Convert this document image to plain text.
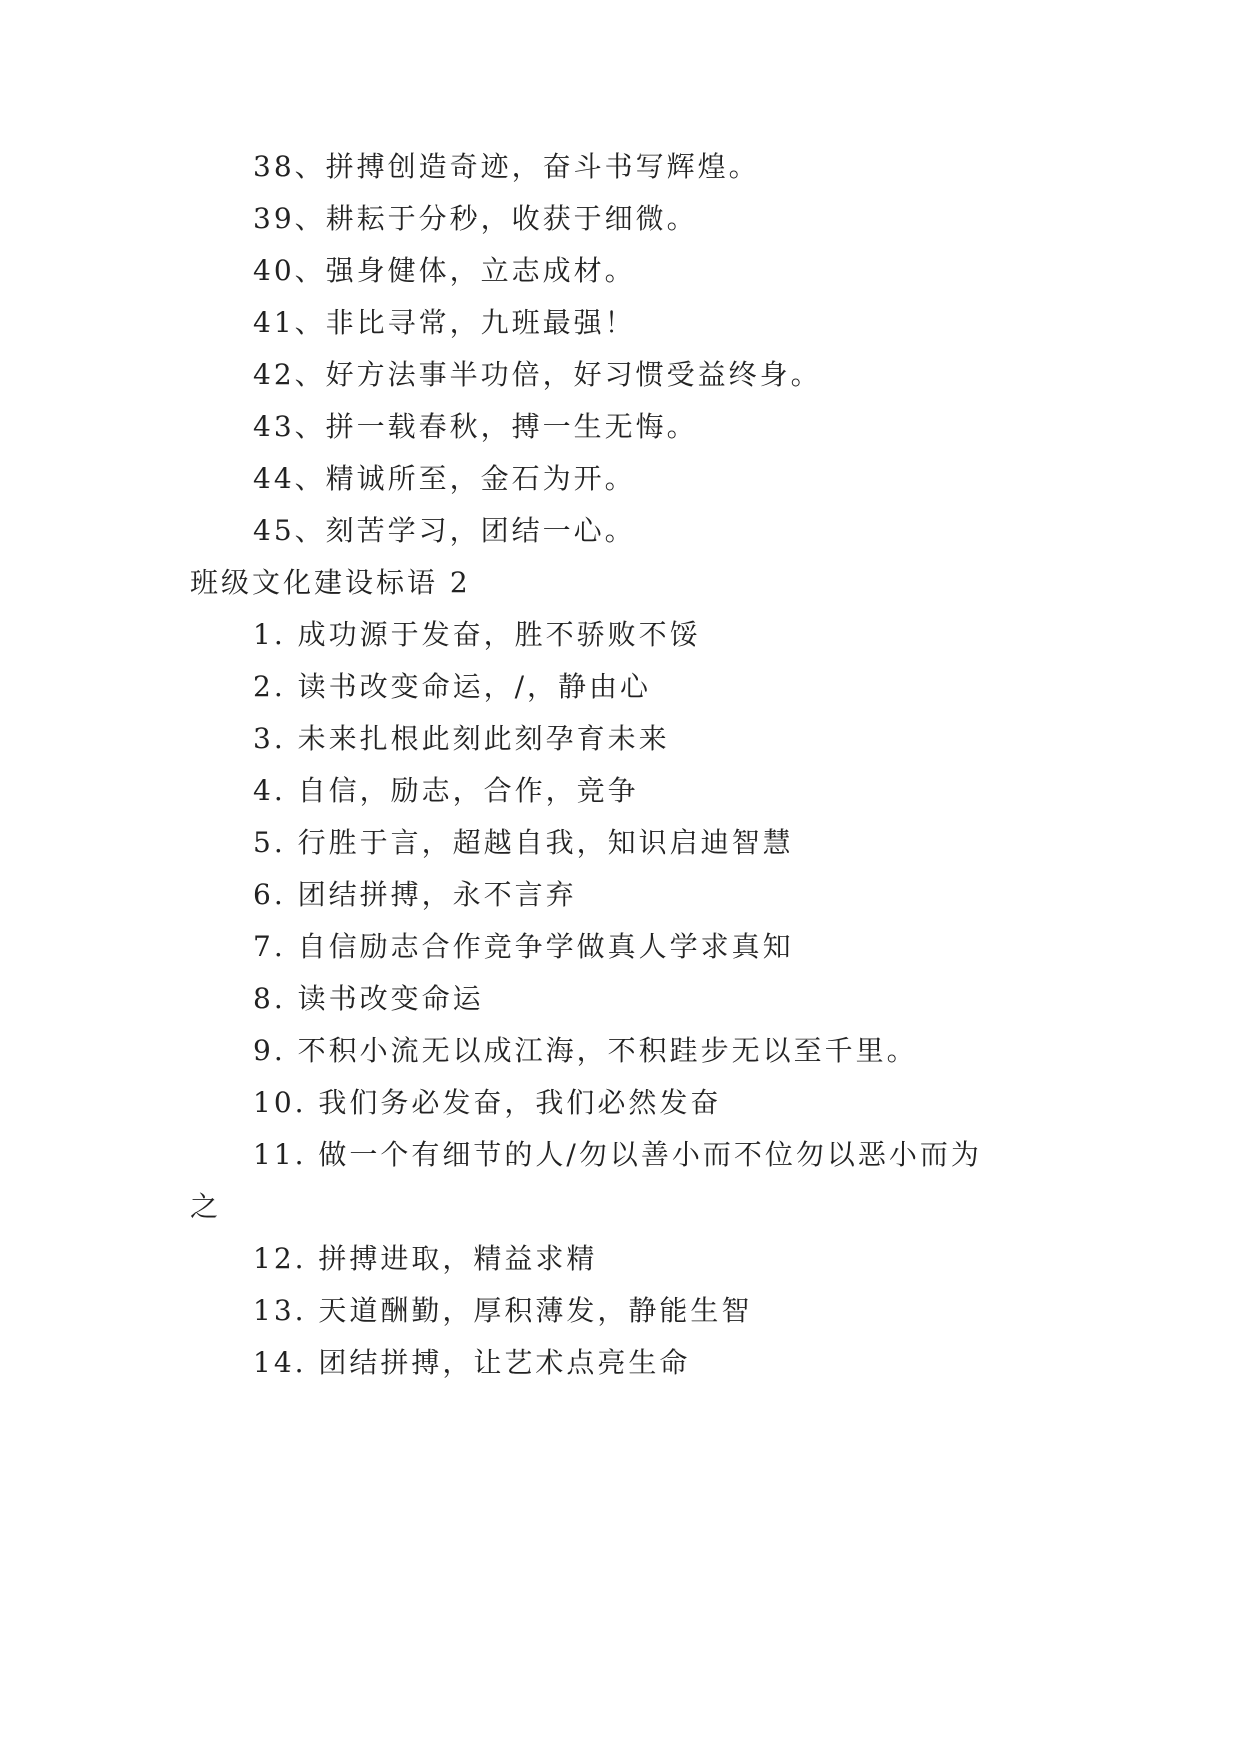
38、拼搏创造奇迹，奋斗书写辉煌。
39、耕耘于分秒，收获于细微。
40、强身健体，立志成材。
41、非比寻常，九班最强！
42、好方法事半功倍，好习惯受益终身。
43、拼一载春秋，搏一生无悔。
44、精诚所至，金石为开。
45、刻苦学习，团结一心。
班级文化建设标语 2
1. 成功源于发奋，胜不骄败不馁
2. 读书改变命运，/，静由心
3. 未来扎根此刻此刻孕育未来
4. 自信，励志，合作，竞争
5. 行胜于言，超越自我，知识启迪智慧
6. 团结拼搏，永不言弃
7. 自信励志合作竞争学做真人学求真知
8. 读书改变命运
9. 不积小流无以成江海，不积跬步无以至千里。
10. 我们务必发奋，我们必然发奋
11. 做一个有细节的人/勿以善小而不位勿以恶小而为
之
12. 拼搏进取，精益求精
13. 天道酬勤，厚积薄发，静能生智
14. 团结拼搏，让艺术点亮生命
